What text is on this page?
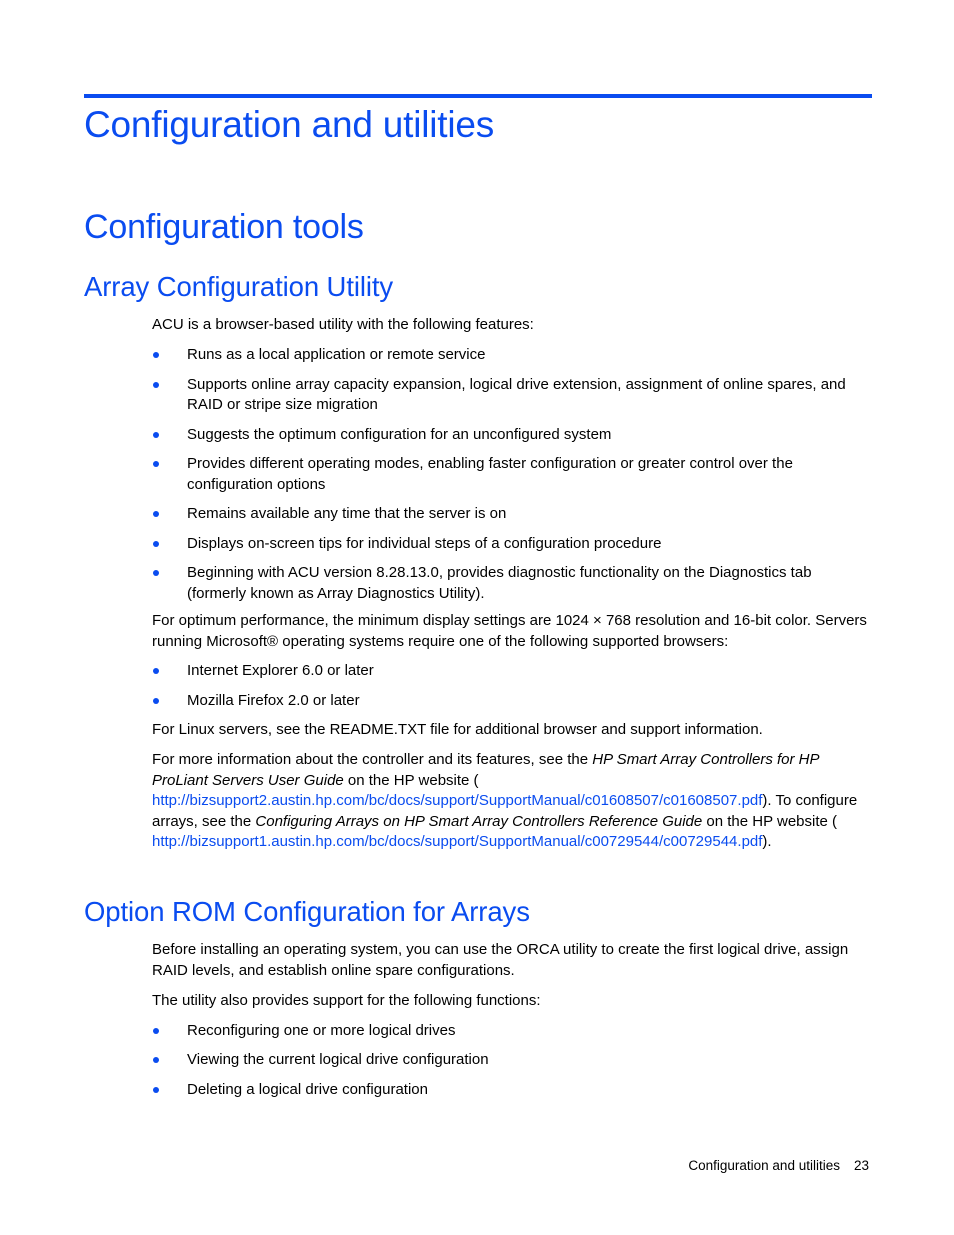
Configuration and utilities
Configuration tools
Array Configuration Utility

ACU is a browser-based utility with the following features:

Runs as a local application or remote service
Supports online array capacity expansion, logical drive extension, assignment of online spares, and RAID or stripe size migration
Suggests the optimum configuration for an unconfigured system
Provides different operating modes, enabling faster configuration or greater control over the configuration options
Remains available any time that the server is on
Displays on-screen tips for individual steps of a configuration procedure
Beginning with ACU version 8.28.13.0, provides diagnostic functionality on the Diagnostics tab (formerly known as Array Diagnostics Utility).

For optimum performance, the minimum display settings are 1024 × 768 resolution and 16-bit color. Servers running Microsoft® operating systems require one of the following supported browsers:

Internet Explorer 6.0 or later
Mozilla Firefox 2.0 or later

For Linux servers, see the README.TXT file for additional browser and support information.

For more information about the controller and its features, see the HP Smart Array Controllers for HP ProLiant Servers User Guide on the HP website (
http://bizsupport2.austin.hp.com/bc/docs/support/SupportManual/c01608507/c01608507.pdf). To configure arrays, see the Configuring Arrays on HP Smart Array Controllers Reference Guide on the HP website (
http://bizsupport1.austin.hp.com/bc/docs/support/SupportManual/c00729544/c00729544.pdf).

Option ROM Configuration for Arrays

Before installing an operating system, you can use the ORCA utility to create the first logical drive, assign RAID levels, and establish online spare configurations.

The utility also provides support for the following functions:

Reconfiguring one or more logical drives
Viewing the current logical drive configuration
Deleting a logical drive configuration
Configuration and utilities 23
